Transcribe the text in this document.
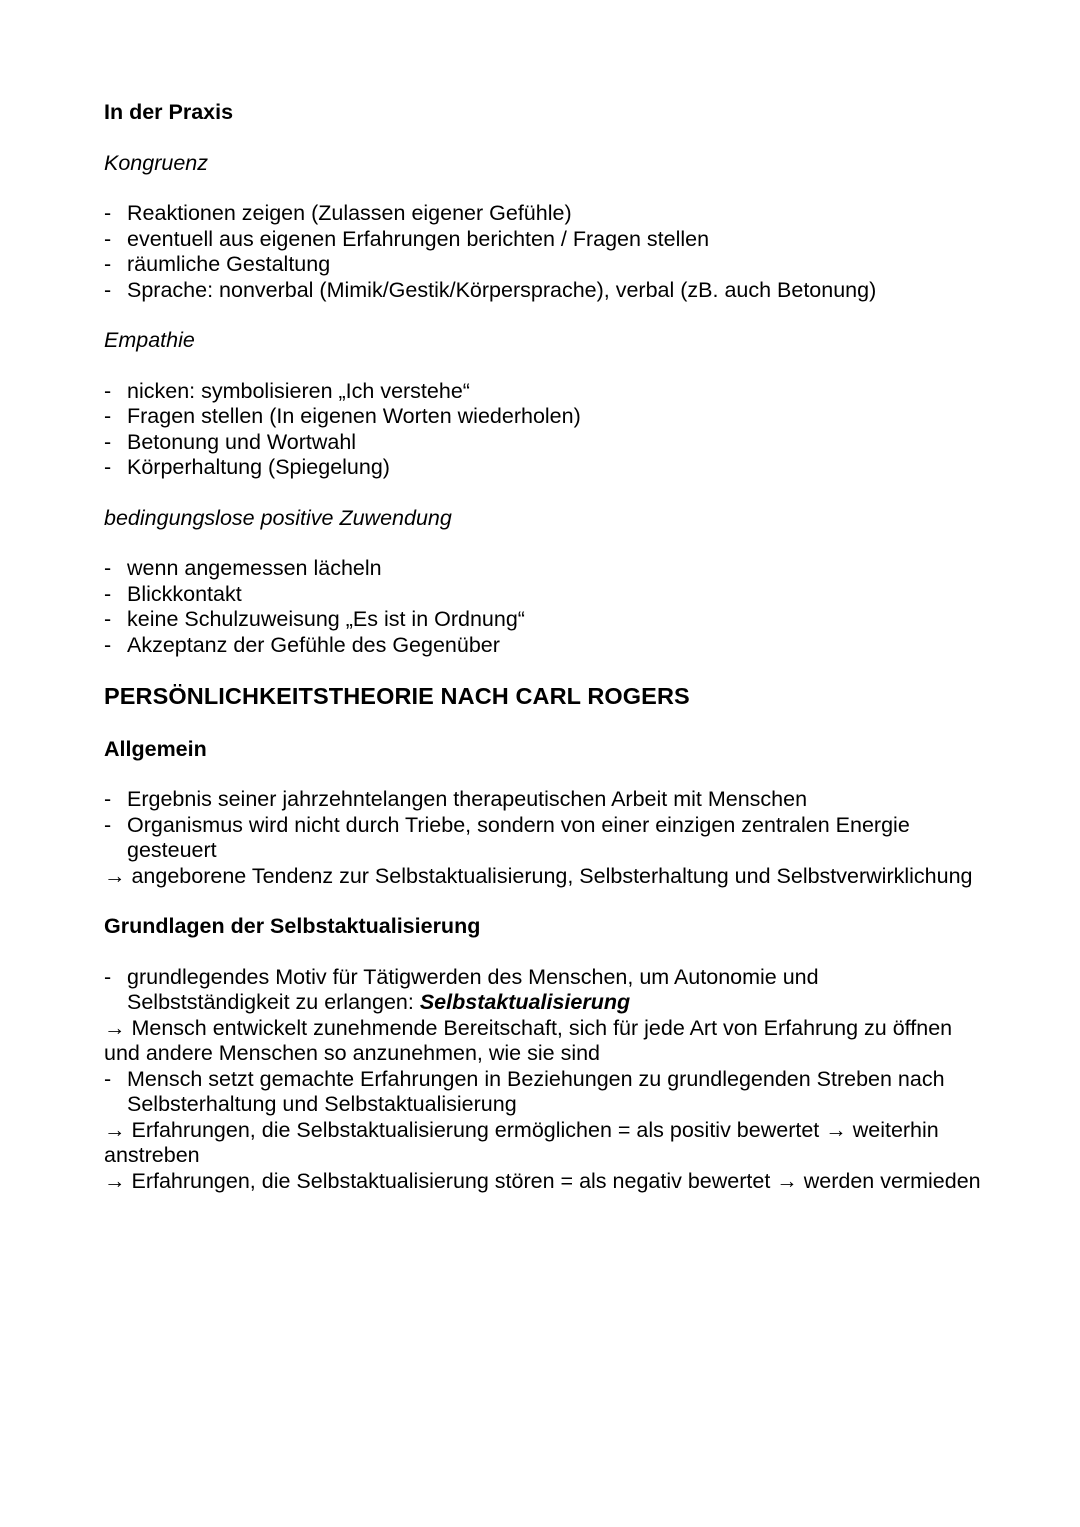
In der Praxis
Kongruenz
- Reaktionen zeigen (Zulassen eigener Gefühle)
- eventuell aus eigenen Erfahrungen berichten / Fragen stellen
- räumliche Gestaltung
- Sprache: nonverbal (Mimik/Gestik/Körpersprache), verbal (zB. auch Betonung)
Empathie
- nicken: symbolisieren „Ich verstehe“
- Fragen stellen (In eigenen Worten wiederholen)
- Betonung und Wortwahl
- Körperhaltung (Spiegelung)
bedingungslose positive Zuwendung
- wenn angemessen lächeln
- Blickkontakt
- keine Schulzuweisung „Es ist in Ordnung“
- Akzeptanz der Gefühle des Gegenüber
PERSÖNLICHKEITSTHEORIE NACH CARL ROGERS
Allgemein
- Ergebnis seiner jahrzehntelangen therapeutischen Arbeit mit Menschen
- Organismus wird nicht durch Triebe, sondern von einer einzigen zentralen Energie gesteuert
→ angeborene Tendenz zur Selbstaktualisierung, Selbsterhaltung und Selbstverwirklichung
Grundlagen der Selbstaktualisierung
- grundlegendes Motiv für Tätigwerden des Menschen, um Autonomie und Selbstständigkeit zu erlangen: Selbstaktualisierung
→ Mensch entwickelt zunehmende Bereitschaft, sich für jede Art von Erfahrung zu öffnen und andere Menschen so anzunehmen, wie sie sind
- Mensch setzt gemachte Erfahrungen in Beziehungen zu grundlegenden Streben nach Selbsterhaltung und Selbstaktualisierung
→ Erfahrungen, die Selbstaktualisierung ermöglichen = als positiv bewertet → weiterhin anstreben
→ Erfahrungen, die Selbstaktualisierung stören = als negativ bewertet → werden vermieden
